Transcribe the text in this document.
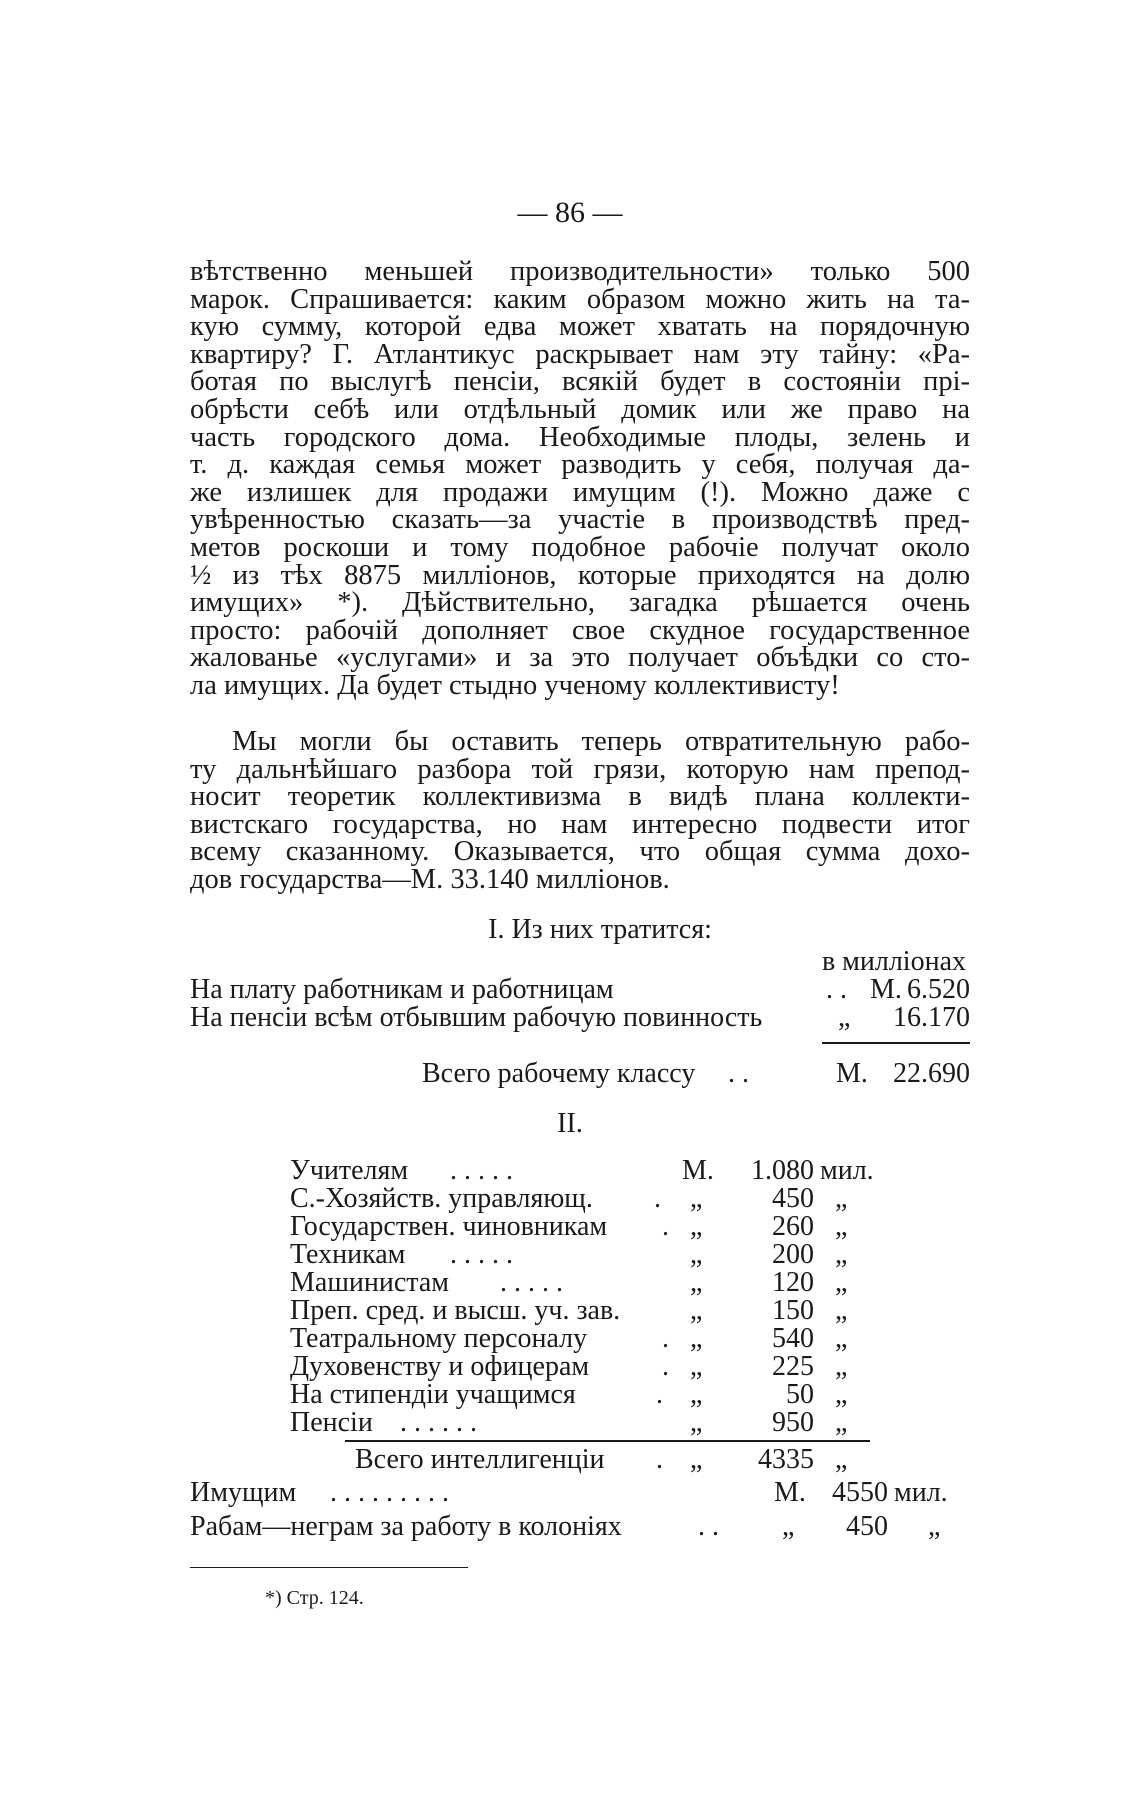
— 86 —
вѣтственно меньшей производительности» только 500
марок. Спрашивается: каким образом можно жить на та-
кую сумму, которой едва может хватать на порядочную
квартиру? Г. Атлантикус раскрывает нам эту тайну: «Ра-
ботая по выслугѣ пенсiи, всякiй будет в состоянiи прi-
обрѣсти себѣ или отдѣльный домик или же право на
часть городского дома. Необходимые плоды, зелень и
т. д. каждая семья может разводить у себя, получая да-
же излишек для продажи имущим (!). Можно даже с
увѣренностью сказать—за участiе в производствѣ пред-
метов роскоши и тому подобное рабочiе получат около
½ из тѣх 8875 миллiонов, которые приходятся на долю
имущих» *). Дѣйствительно, загадка рѣшается очень
просто: рабочiй дополняет свое скудное государственное
жалованье «услугами» и за это получает объѣдки со сто-
ла имущих. Да будет стыдно ученому коллективисту!
Мы могли бы оставить теперь отвратительную рабо-
ту дальнѣйшаго разбора той грязи, которую нам препод-
носит теоретик коллективизма в видѣ плана коллекти-
вистскаго государства, но нам интересно подвести итог
всему сказанному. Оказывается, что общая сумма дохо-
дов государства—М. 33.140 миллiонов.
I. Из них тратится:
в миллiонах
На плату работникам и работницам	. . М. 6.520
На пенсiи всѣм отбывшим рабочую повинность	„ 16.170
Всего рабочему классу . .	М. 22.690
II.
Учителям . . . . .	М.	1.080 мил.
С.-Хозяйств. управляющ. . „	450 „
Государствен. чиновникам . „	260 „
Техникам . . . . .	„	200 „
Машинистам . . . . .	„	120 „
Преп. сред. и высш. уч. зав. „	150 „
Театральному персоналу	. „	540 „
Духовенству и офицерам	. „	225 „
На стипендiи учащимся	. „	50 „
Пенсiи . . . . . .	„	950 „
Всего интеллигенцiи . „	4335 „
Имущим . . . . . . . . .	М. 4550 мил.
Рабам—неграм за работу в колонiях	. . „	450 „
*) Стр. 124.
